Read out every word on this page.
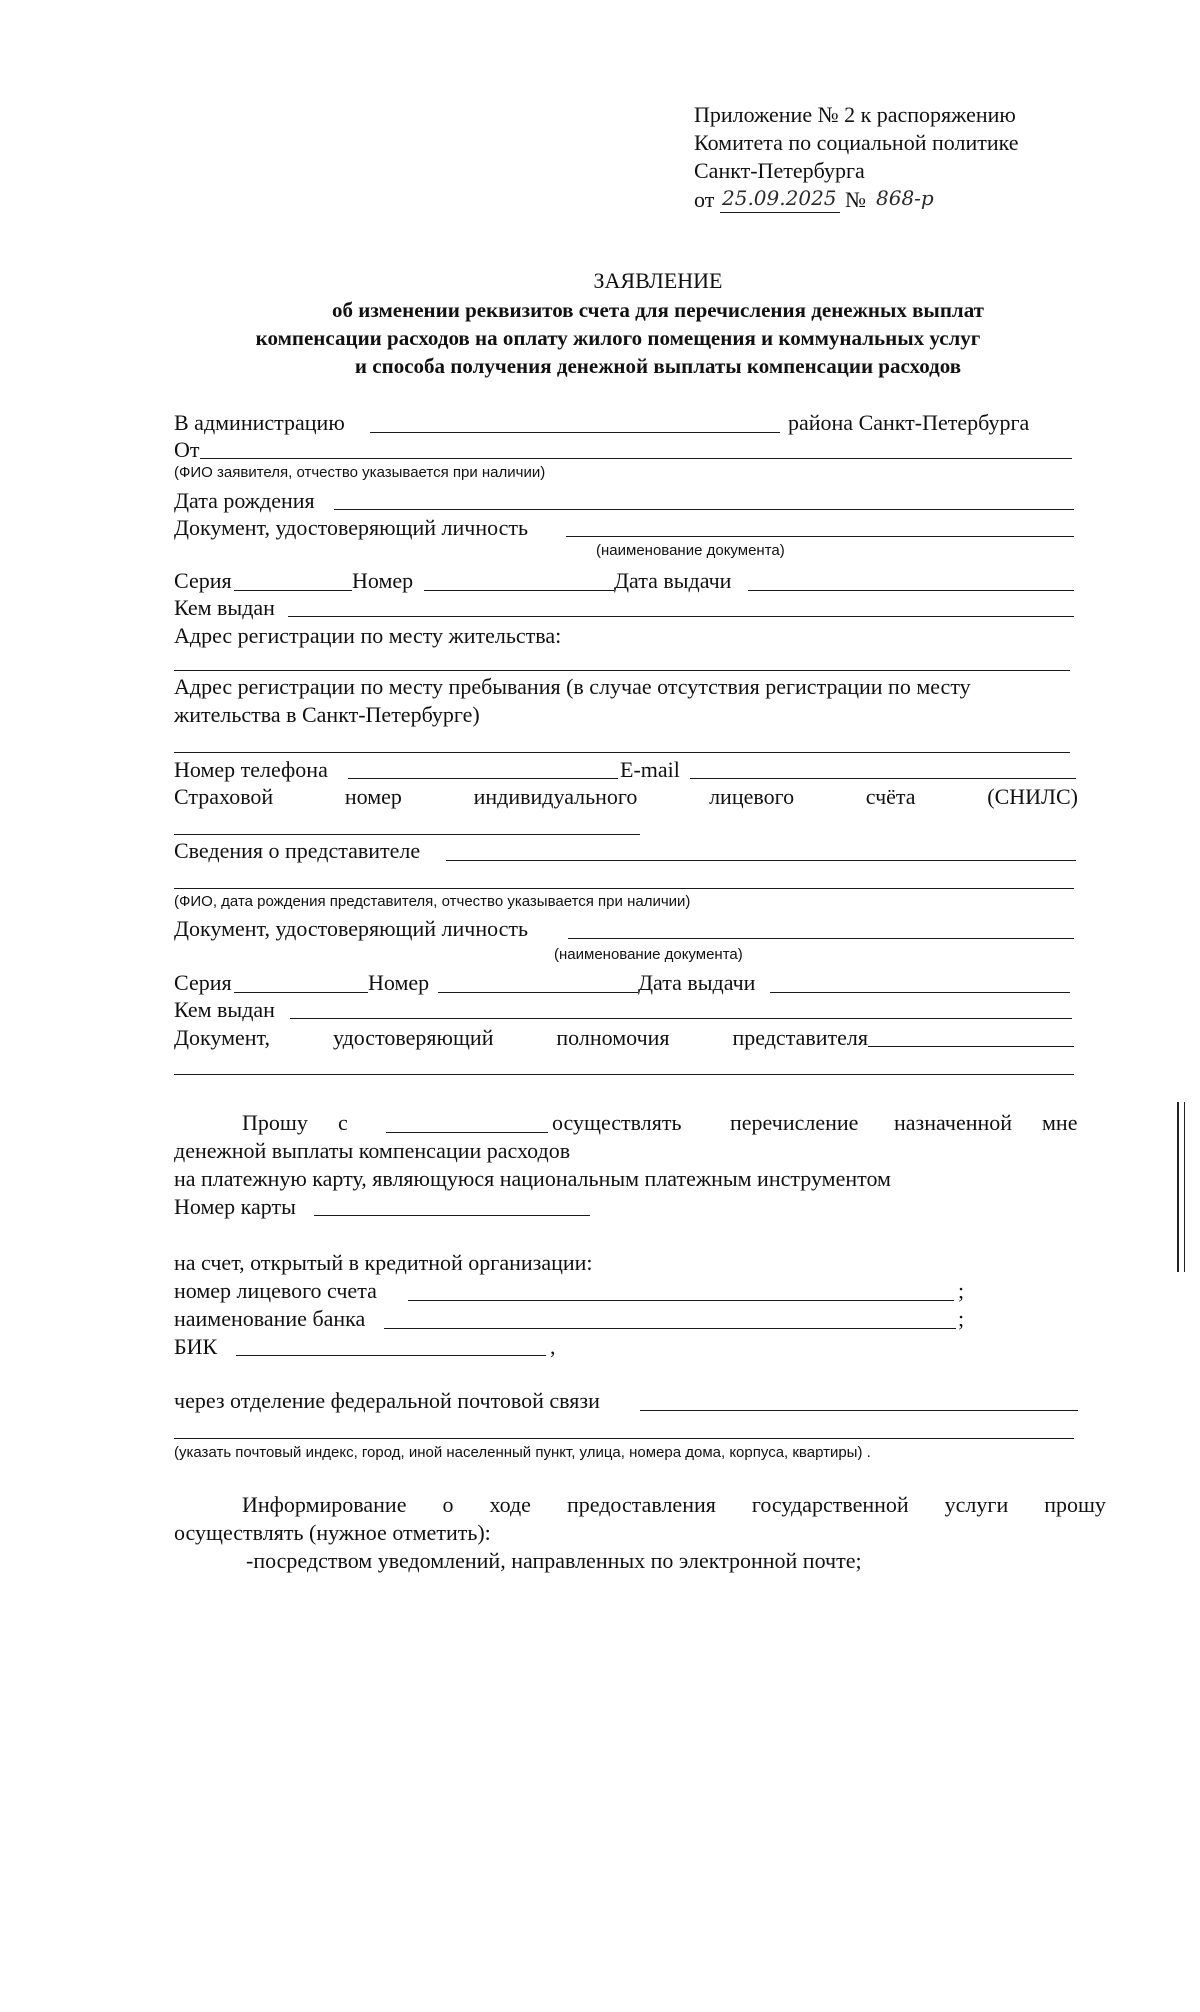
Приложение № 2 к распоряжению
Комитета по социальной политике
Санкт-Петербурга
от 25.09.2025 № 868-р
ЗАЯВЛЕНИЕ
об изменении реквизитов счета для перечисления денежных выплат
компенсации расходов на оплату жилого помещения и коммунальных услуг
и способа получения денежной выплаты компенсации расходов
В администрацию	района Санкт-Петербурга
От
(ФИО заявителя, отчество указывается при наличии)
Дата рождения
Документ, удостоверяющий личность
(наименование документа)
Серия	Номер	Дата выдачи
Кем выдан
Адрес регистрации по месту жительства:
Адрес регистрации по месту пребывания (в случае отсутствия регистрации по месту
жительства в Санкт-Петербурге)
Номер телефона	E-mail
Страховой	номер	индивидуального	лицевого	счёта	(СНИЛС)
Сведения о представителе
(ФИО, дата рождения представителя, отчество указывается при наличии)
Документ, удостоверяющий личность
(наименование документа)
Серия	Номер	Дата выдачи
Кем выдан
Документ,	удостоверяющий	полномочия	представителя
Прошу с	осуществлять перечисление назначенной мне
денежной выплаты компенсации расходов
на платежную карту, являющуюся национальным платежным инструментом
Номер карты
на счет, открытый в кредитной организации:
номер лицевого счета	;
наименование банка	;
БИК	,
через отделение федеральной почтовой связи
(указать почтовый индекс, город, иной населенный пункт, улица, номера дома, корпуса, квартиры) .
Информирование о ходе предоставления государственной услуги прошу
осуществлять (нужное отметить):
-посредством уведомлений, направленных по электронной почте;
